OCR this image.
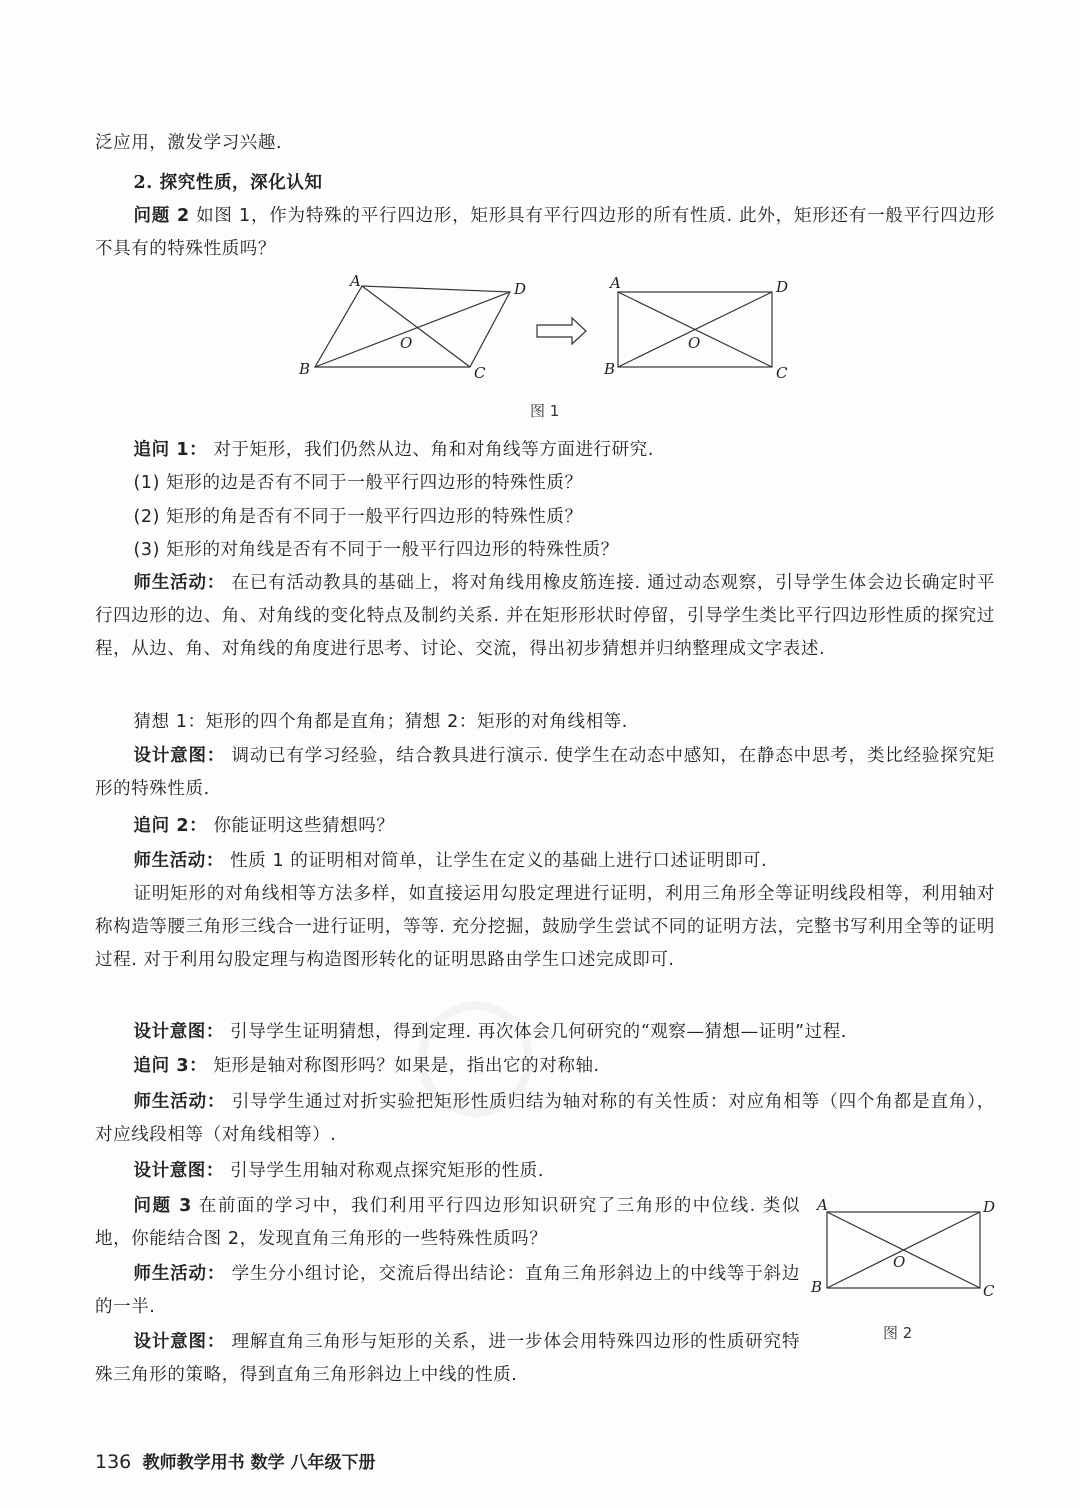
泛应用，激发学习兴趣.
2. 探究性质，深化认知
问题 2 如图 1，作为特殊的平行四边形，矩形具有平行四边形的所有性质. 此外，矩形还有一般平行四边形不具有的特殊性质吗？
A	D
O
B	C
A	D
O
B	C
图 1
追问 1： 对于矩形，我们仍然从边、角和对角线等方面进行研究.
(1) 矩形的边是否有不同于一般平行四边形的特殊性质？
(2) 矩形的角是否有不同于一般平行四边形的特殊性质？
(3) 矩形的对角线是否有不同于一般平行四边形的特殊性质？
师生活动： 在已有活动教具的基础上，将对角线用橡皮筋连接. 通过动态观察，引导学生体会边长确定时平行四边形的边、角、对角线的变化特点及制约关系. 并在矩形形状时停留，引导学生类比平行四边形性质的探究过程，从边、角、对角线的角度进行思考、讨论、交流，得出初步猜想并归纳整理成文字表述.
猜想 1：矩形的四个角都是直角；猜想 2：矩形的对角线相等.
设计意图： 调动已有学习经验，结合教具进行演示. 使学生在动态中感知，在静态中思考，类比经验探究矩形的特殊性质.
追问 2： 你能证明这些猜想吗？
师生活动： 性质 1 的证明相对简单，让学生在定义的基础上进行口述证明即可.
证明矩形的对角线相等方法多样，如直接运用勾股定理进行证明，利用三角形全等证明线段相等，利用轴对称构造等腰三角形三线合一进行证明，等等. 充分挖掘，鼓励学生尝试不同的证明方法，完整书写利用全等的证明过程. 对于利用勾股定理与构造图形转化的证明思路由学生口述完成即可.
设计意图： 引导学生证明猜想，得到定理. 再次体会几何研究的“观察—猜想—证明”过程.
追问 3： 矩形是轴对称图形吗？如果是，指出它的对称轴.
师生活动： 引导学生通过对折实验把矩形性质归结为轴对称的有关性质：对应角相等（四个角都是直角），对应线段相等（对角线相等）.
设计意图： 引导学生用轴对称观点探究矩形的性质.
问题 3 在前面的学习中，我们利用平行四边形知识研究了三角形的中位线. 类似地，你能结合图 2，发现直角三角形的一些特殊性质吗？
师生活动： 学生分小组讨论，交流后得出结论：直角三角形斜边上的中线等于斜边的一半.
设计意图： 理解直角三角形与矩形的关系，进一步体会用特殊四边形的性质研究特殊三角形的策略，得到直角三角形斜边上中线的性质.
A	D
O
B	C
图 2
136 教师教学用书 数学 八年级下册
